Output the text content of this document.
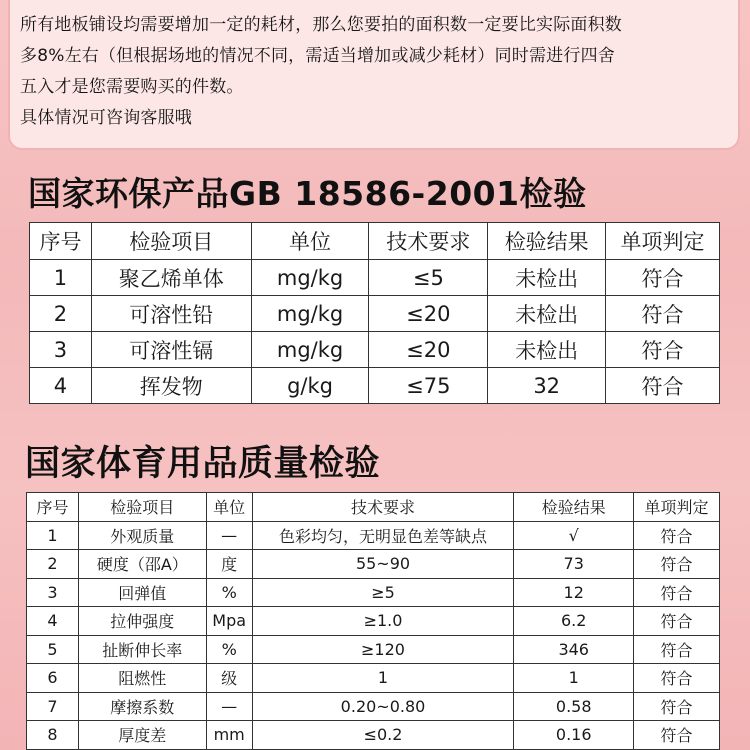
所有地板铺设均需要增加一定的耗材，那么您要拍的面积数一定要比实际面积数

多8%左右（但根据场地的情况不同，需适当增加或减少耗材）同时需进行四舍

五入才是您需要购买的件数。

具体情况可咨询客服哦

国家环保产品GB 18586-2001检验
序号	检验项目	单位	技术要求	检验结果	单项判定
1	聚乙烯单体	mg/kg	≤5	未检出	符合
2	可溶性铅	mg/kg	≤20	未检出	符合
3	可溶性镉	mg/kg	≤20	未检出	符合
4	挥发物	g/kg	≤75	32	符合
国家体育用品质量检验
序号	检验项目	单位	技术要求	检验结果	单项判定
1	外观质量	—	色彩均匀，无明显色差等缺点	√	符合
2	硬度（邵A）	度	55~90	73	符合
3	回弹值	%	≥5	12	符合
4	拉伸强度	Mpa	≥1.0	6.2	符合
5	扯断伸长率	%	≥120	346	符合
6	阻燃性	级	1	1	符合
7	摩擦系数	—	0.20~0.80	0.58	符合
8	厚度差	mm	≤0.2	0.16	符合
